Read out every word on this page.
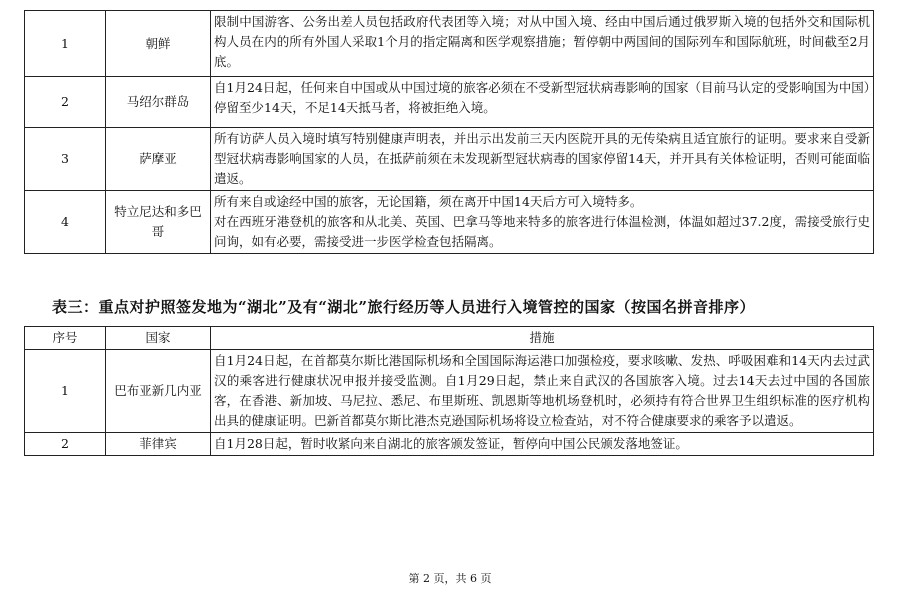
1	朝鲜	限制中国游客、公务出差人员包括政府代表团等入境；对从中国入境、经由中国后通过俄罗斯入境的包括外交和国际机构人员在内的所有外国人采取1个月的指定隔离和医学观察措施；暂停朝中两国间的国际列车和国际航班，时间截至2月底。
2	马绍尔群岛	自1月24日起，任何来自中国或从中国过境的旅客必须在不受新型冠状病毒影响的国家（目前马认定的受影响国为中国）停留至少14天，不足14天抵马者，将被拒绝入境。
3	萨摩亚	所有访萨人员入境时填写特别健康声明表，并出示出发前三天内医院开具的无传染病且适宜旅行的证明。要求来自受新型冠状病毒影响国家的人员，在抵萨前须在未发现新型冠状病毒的国家停留14天，并开具有关体检证明，否则可能面临遣返。
4	特立尼达和多巴哥	所有来自或途经中国的旅客，无论国籍，须在离开中国14天后方可入境特多。
对在西班牙港登机的旅客和从北美、英国、巴拿马等地来特多的旅客进行体温检测，体温如超过37.2度，需接受旅行史问询，如有必要，需接受进一步医学检查包括隔离。
表三：重点对护照签发地为“湖北”及有“湖北”旅行经历等人员进行入境管控的国家（按国名拼音排序）
序号	国家	措施
1	巴布亚新几内亚	自1月24日起，在首都莫尔斯比港国际机场和全国国际海运港口加强检疫，要求咳嗽、发热、呼吸困难和14天内去过武汉的乘客进行健康状况申报并接受监测。自1月29日起，禁止来自武汉的各国旅客入境。过去14天去过中国的各国旅客，在香港、新加坡、马尼拉、悉尼、布里斯班、凯恩斯等地机场登机时，必须持有符合世界卫生组织标准的医疗机构出具的健康证明。巴新首都莫尔斯比港杰克逊国际机场将设立检查站，对不符合健康要求的乘客予以遣返。
2	菲律宾	自1月28日起，暂时收紧向来自湖北的旅客颁发签证，暂停向中国公民颁发落地签证。
第 2 页，共 6 页
